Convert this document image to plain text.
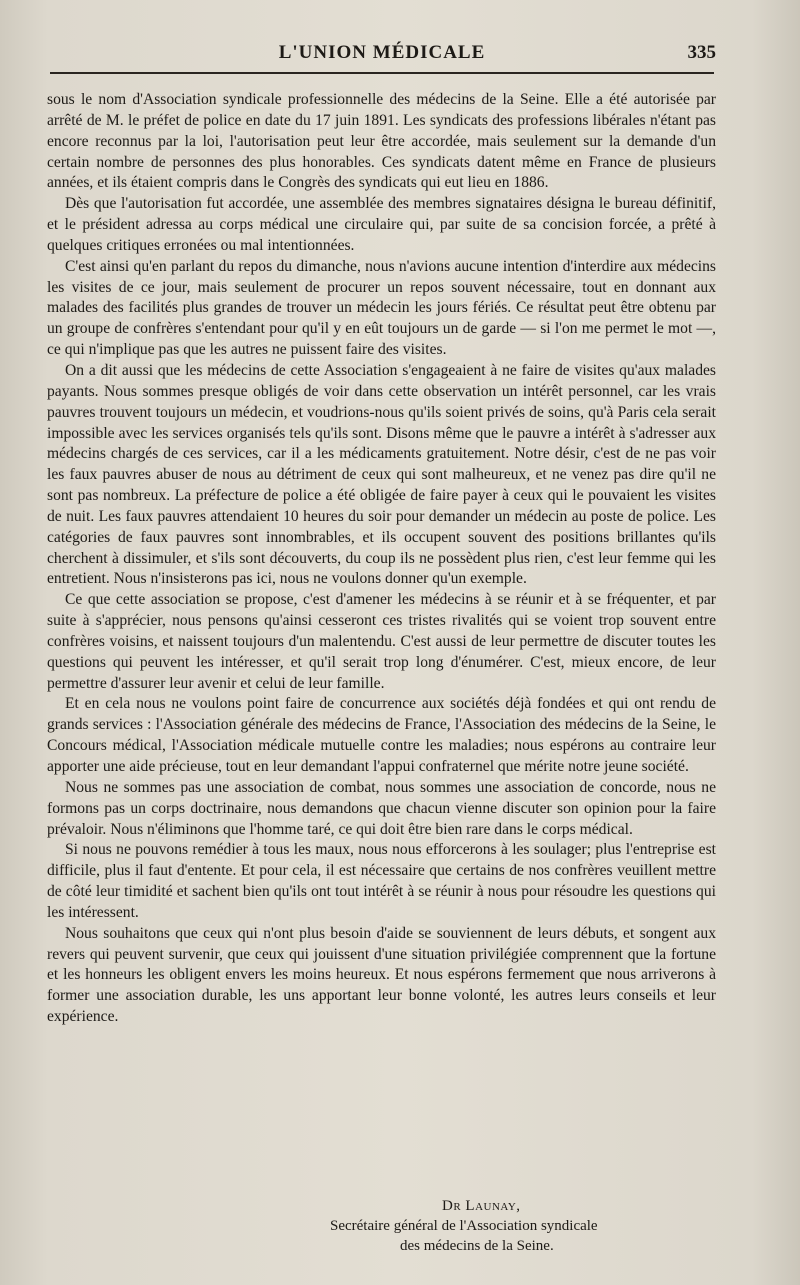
L'UNION MÉDICALE	335

sous le nom d'Association syndicale professionnelle des médecins de la Seine. Elle a été autorisée par arrêté de M. le préfet de police en date du 17 juin 1891. Les syndicats des professions libérales n'étant pas encore reconnus par la loi, l'autorisation peut leur être accordée, mais seulement sur la demande d'un certain nombre de personnes des plus honorables. Ces syndicats datent même en France de plusieurs années, et ils étaient compris dans le Congrès des syndicats qui eut lieu en 1886.

Dès que l'autorisation fut accordée, une assemblée des membres signataires désigna le bureau définitif, et le président adressa au corps médical une circulaire qui, par suite de sa concision forcée, a prêté à quelques critiques erronées ou mal intentionnées.

C'est ainsi qu'en parlant du repos du dimanche, nous n'avions aucune intention d'interdire aux médecins les visites de ce jour, mais seulement de procurer un repos souvent nécessaire, tout en donnant aux malades des facilités plus grandes de trouver un médecin les jours fériés. Ce résultat peut être obtenu par un groupe de confrères s'entendant pour qu'il y en eût toujours un de garde — si l'on me permet le mot —, ce qui n'implique pas que les autres ne puissent faire des visites.

On a dit aussi que les médecins de cette Association s'engageaient à ne faire de visites qu'aux malades payants. Nous sommes presque obligés de voir dans cette observation un intérêt personnel, car les vrais pauvres trouvent toujours un médecin, et voudrions-nous qu'ils soient privés de soins, qu'à Paris cela serait impossible avec les services organisés tels qu'ils sont. Disons même que le pauvre a intérêt à s'adresser aux médecins chargés de ces services, car il a les médicaments gratuitement. Notre désir, c'est de ne pas voir les faux pauvres abuser de nous au détriment de ceux qui sont malheureux, et ne venez pas dire qu'il ne sont pas nombreux. La préfecture de police a été obligée de faire payer à ceux qui le pouvaient les visites de nuit. Les faux pauvres attendaient 10 heures du soir pour demander un médecin au poste de police. Les catégories de faux pauvres sont innombrables, et ils occupent souvent des positions brillantes qu'ils cherchent à dissimuler, et s'ils sont découverts, du coup ils ne possèdent plus rien, c'est leur femme qui les entretient. Nous n'insisterons pas ici, nous ne voulons donner qu'un exemple.

Ce que cette association se propose, c'est d'amener les médecins à se réunir et à se fréquenter, et par suite à s'apprécier, nous pensons qu'ainsi cesseront ces tristes rivalités qui se voient trop souvent entre confrères voisins, et naissent toujours d'un malentendu. C'est aussi de leur permettre de discuter toutes les questions qui peuvent les intéresser, et qu'il serait trop long d'énumérer. C'est, mieux encore, de leur permettre d'assurer leur avenir et celui de leur famille.

Et en cela nous ne voulons point faire de concurrence aux sociétés déjà fondées et qui ont rendu de grands services : l'Association générale des médecins de France, l'Association des médecins de la Seine, le Concours médical, l'Association médicale mutuelle contre les maladies; nous espérons au contraire leur apporter une aide précieuse, tout en leur demandant l'appui confraternel que mérite notre jeune société.

Nous ne sommes pas une association de combat, nous sommes une association de concorde, nous ne formons pas un corps doctrinaire, nous demandons que chacun vienne discuter son opinion pour la faire prévaloir. Nous n'éliminons que l'homme taré, ce qui doit être bien rare dans le corps médical.

Si nous ne pouvons remédier à tous les maux, nous nous efforcerons à les soulager; plus l'entreprise est difficile, plus il faut d'entente. Et pour cela, il est nécessaire que certains de nos confrères veuillent mettre de côté leur timidité et sachent bien qu'ils ont tout intérêt à se réunir à nous pour résoudre les questions qui les intéressent.

Nous souhaitons que ceux qui n'ont plus besoin d'aide se souviennent de leurs débuts, et songent aux revers qui peuvent survenir, que ceux qui jouissent d'une situation privilégiée comprennent que la fortune et les honneurs les obligent envers les moins heureux. Et nous espérons fermement que nous arriverons à former une association durable, les uns apportant leur bonne volonté, les autres leurs conseils et leur expérience.

Dr Launay,
Secrétaire général de l'Association syndicale
des médecins de la Seine.
